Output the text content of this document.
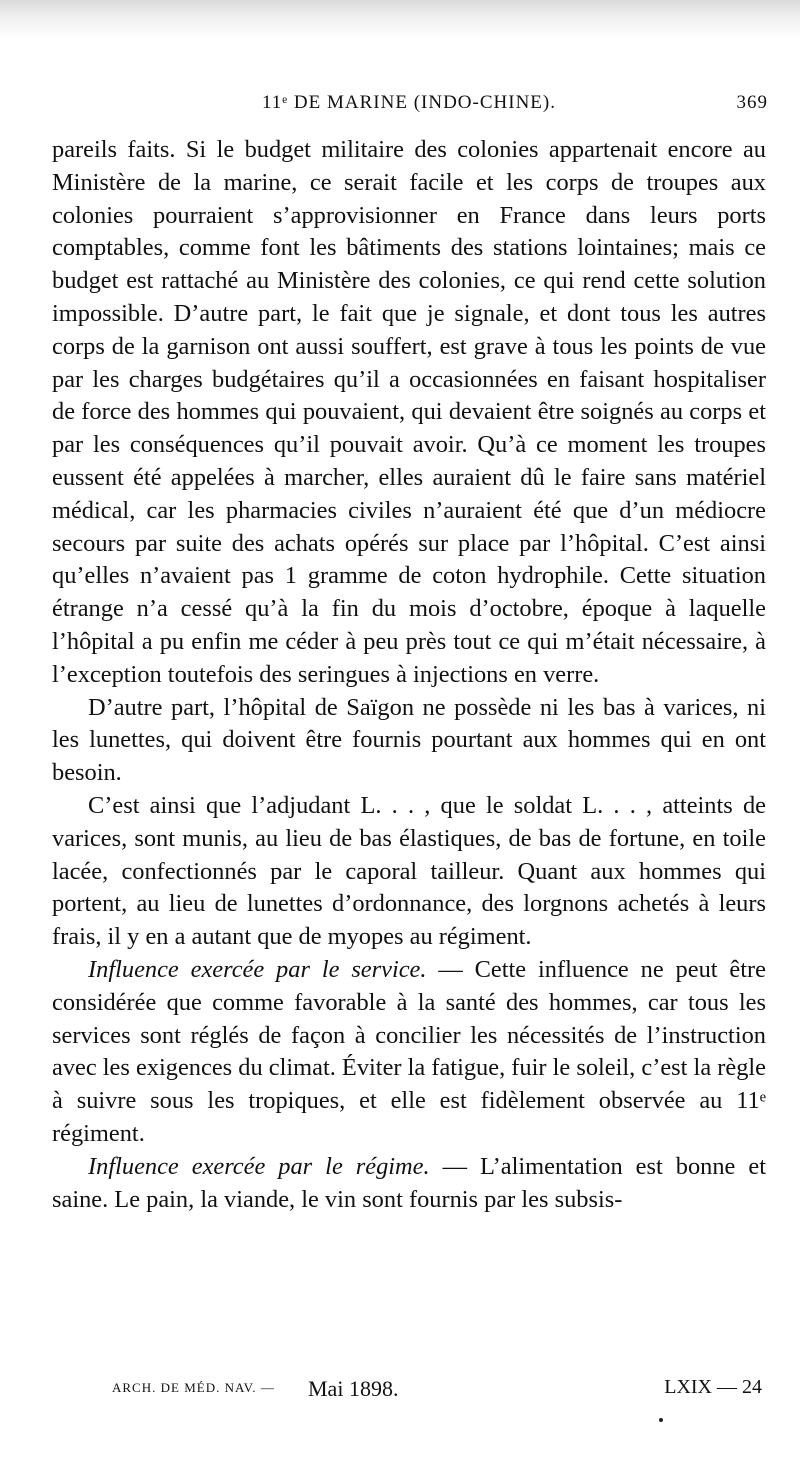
11ᵉ DE MARINE (INDO-CHINE).	369

pareils faits. Si le budget militaire des colonies appartenait encore au Ministère de la marine, ce serait facile et les corps de troupes aux colonies pourraient s’approvisionner en France dans leurs ports comptables, comme font les bâtiments des stations lointaines; mais ce budget est rattaché au Ministère des colonies, ce qui rend cette solution impossible. D’autre part, le fait que je signale, et dont tous les autres corps de la garnison ont aussi souffert, est grave à tous les points de vue par les charges budgétaires qu’il a occasionnées en faisant hospitaliser de force des hommes qui pouvaient, qui devaient être soignés au corps et par les conséquences qu’il pouvait avoir. Qu’à ce moment les troupes eussent été appelées à marcher, elles auraient dû le faire sans matériel médical, car les pharmacies civiles n’auraient été que d’un médiocre secours par suite des achats opérés sur place par l’hôpital. C’est ainsi qu’elles n’avaient pas 1 gramme de coton hydrophile. Cette situation étrange n’a cessé qu’à la fin du mois d’octobre, époque à laquelle l’hôpital a pu enfin me céder à peu près tout ce qui m’était nécessaire, à l’exception toutefois des seringues à injections en verre.

D’autre part, l’hôpital de Saïgon ne possède ni les bas à varices, ni les lunettes, qui doivent être fournis pourtant aux hommes qui en ont besoin.

C’est ainsi que l’adjudant L. . . , que le soldat L. . . , atteints de varices, sont munis, au lieu de bas élastiques, de bas de fortune, en toile lacée, confectionnés par le caporal tailleur. Quant aux hommes qui portent, au lieu de lunettes d’ordonnance, des lorgnons achetés à leurs frais, il y en a autant que de myopes au régiment.

Influence exercée par le service. — Cette influence ne peut être considérée que comme favorable à la santé des hommes, car tous les services sont réglés de façon à concilier les nécessités de l’instruction avec les exigences du climat. Éviter la fatigue, fuir le soleil, c’est la règle à suivre sous les tropiques, et elle est fidèlement observée au 11ᵉ régiment.

Influence exercée par le régime. — L’alimentation est bonne et saine. Le pain, la viande, le vin sont fournis par les subsis-

ARCH. DE MÉD. NAV. — Mai 1898.	LXIX — 24
